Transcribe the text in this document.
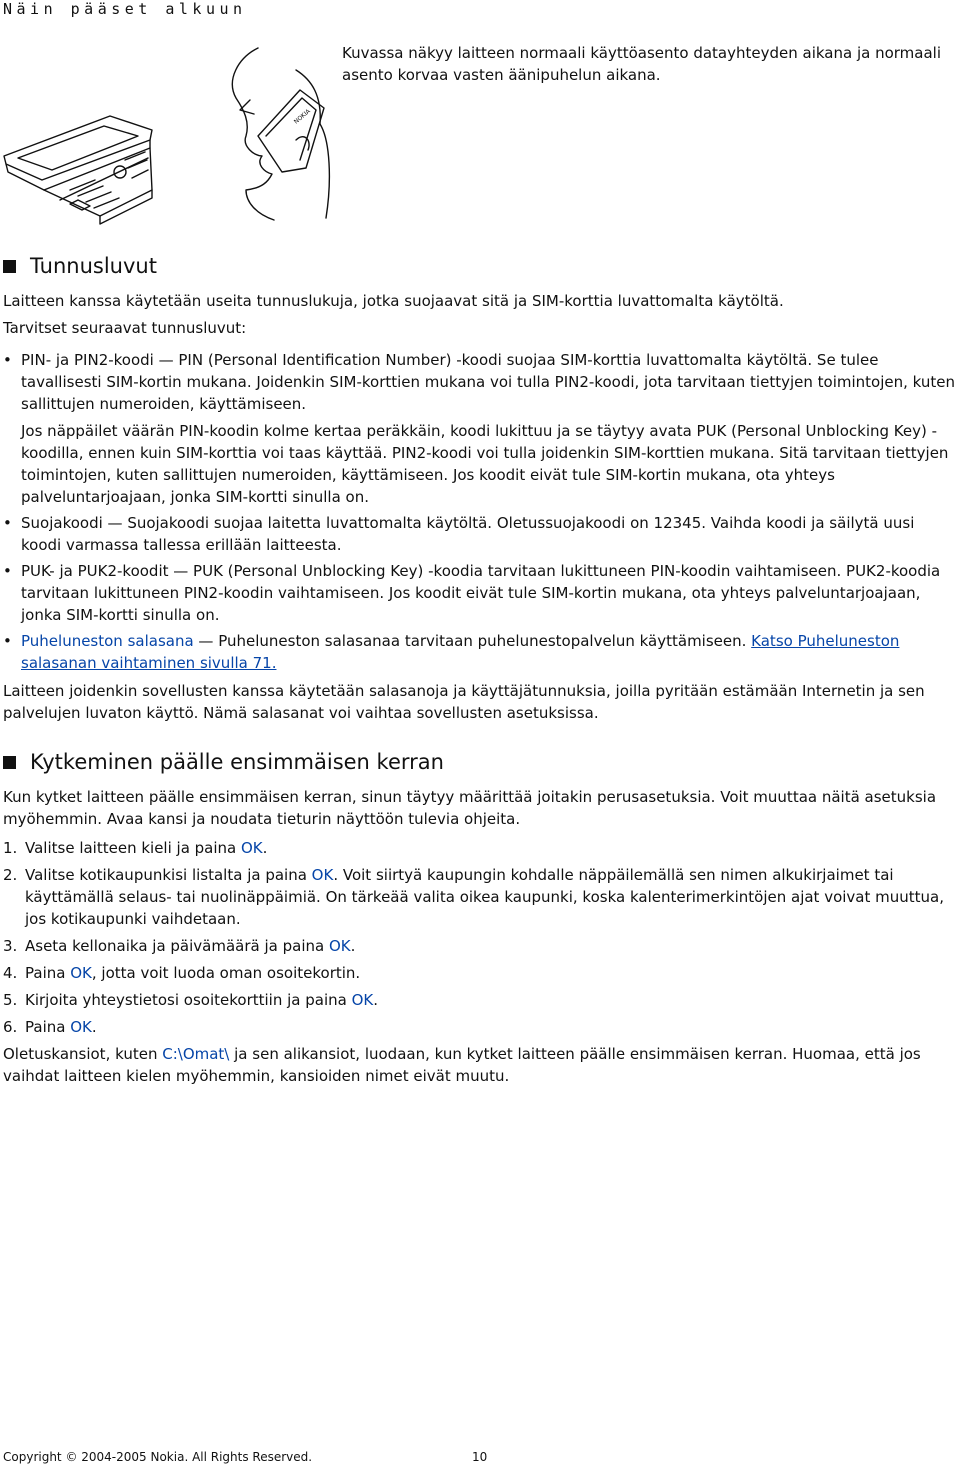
Näin pääset alkuun
NOKIA
Kuvassa näkyy laitteen normaali käyttöasento datayhteyden aikana ja normaali asento korvaa vasten äänipuhelun aikana.
Tunnusluvut

Laitteen kanssa käytetään useita tunnuslukuja, jotka suojaavat sitä ja SIM-korttia luvattomalta käytöltä.

Tarvitset seuraavat tunnusluvut:

• PIN- ja PIN2-koodi — PIN (Personal Identification Number) -koodi suojaa SIM-korttia luvattomalta käytöltä. Se tulee tavallisesti SIM-kortin mukana. Joidenkin SIM-korttien mukana voi tulla PIN2-koodi, jota tarvitaan tiettyjen toimintojen, kuten sallittujen numeroiden, käyttämiseen.

Jos näppäilet väärän PIN-koodin kolme kertaa peräkkäin, koodi lukittuu ja se täytyy avata PUK (Personal Unblocking Key) -koodilla, ennen kuin SIM-korttia voi taas käyttää. PIN2-koodi voi tulla joidenkin SIM-korttien mukana. Sitä tarvitaan tiettyjen toimintojen, kuten sallittujen numeroiden, käyttämiseen. Jos koodit eivät tule SIM-kortin mukana, ota yhteys palveluntarjoajaan, jonka SIM-kortti sinulla on.

• Suojakoodi — Suojakoodi suojaa laitetta luvattomalta käytöltä. Oletussuojakoodi on 12345. Vaihda koodi ja säilytä uusi koodi varmassa tallessa erillään laitteesta.
• PUK- ja PUK2-koodit — PUK (Personal Unblocking Key) -koodia tarvitaan lukittuneen PIN-koodin vaihtamiseen. PUK2-koodia tarvitaan lukittuneen PIN2-koodin vaihtamiseen. Jos koodit eivät tule SIM-kortin mukana, ota yhteys palveluntarjoajaan, jonka SIM-kortti sinulla on.
• Puheluneston salasana — Puheluneston salasanaa tarvitaan puhelunestopalvelun käyttämiseen. Katso Puheluneston salasanan vaihtaminen sivulla 71.

Laitteen joidenkin sovellusten kanssa käytetään salasanoja ja käyttäjätunnuksia, joilla pyritään estämään Internetin ja sen palvelujen luvaton käyttö. Nämä salasanat voi vaihtaa sovellusten asetuksissa.

Kytkeminen päälle ensimmäisen kerran

Kun kytket laitteen päälle ensimmäisen kerran, sinun täytyy määrittää joitakin perusasetuksia. Voit muuttaa näitä asetuksia myöhemmin. Avaa kansi ja noudata tieturin näyttöön tulevia ohjeita.

1. Valitse laitteen kieli ja paina OK.
2. Valitse kotikaupunkisi listalta ja paina OK. Voit siirtyä kaupungin kohdalle näppäilemällä sen nimen alkukirjaimet tai käyttämällä selaus- tai nuolinäppäimiä. On tärkeää valita oikea kaupunki, koska kalenterimerkintöjen ajat voivat muuttua, jos kotikaupunki vaihdetaan.
3. Aseta kellonaika ja päivämäärä ja paina OK.
4. Paina OK, jotta voit luoda oman osoitekortin.
5. Kirjoita yhteystietosi osoitekorttiin ja paina OK.
6. Paina OK.

Oletuskansiot, kuten C:\Omat\ ja sen alikansiot, luodaan, kun kytket laitteen päälle ensimmäisen kerran. Huomaa, että jos vaihdat laitteen kielen myöhemmin, kansioiden nimet eivät muutu.

Copyright © 2004-2005 Nokia. All Rights Reserved.	10
